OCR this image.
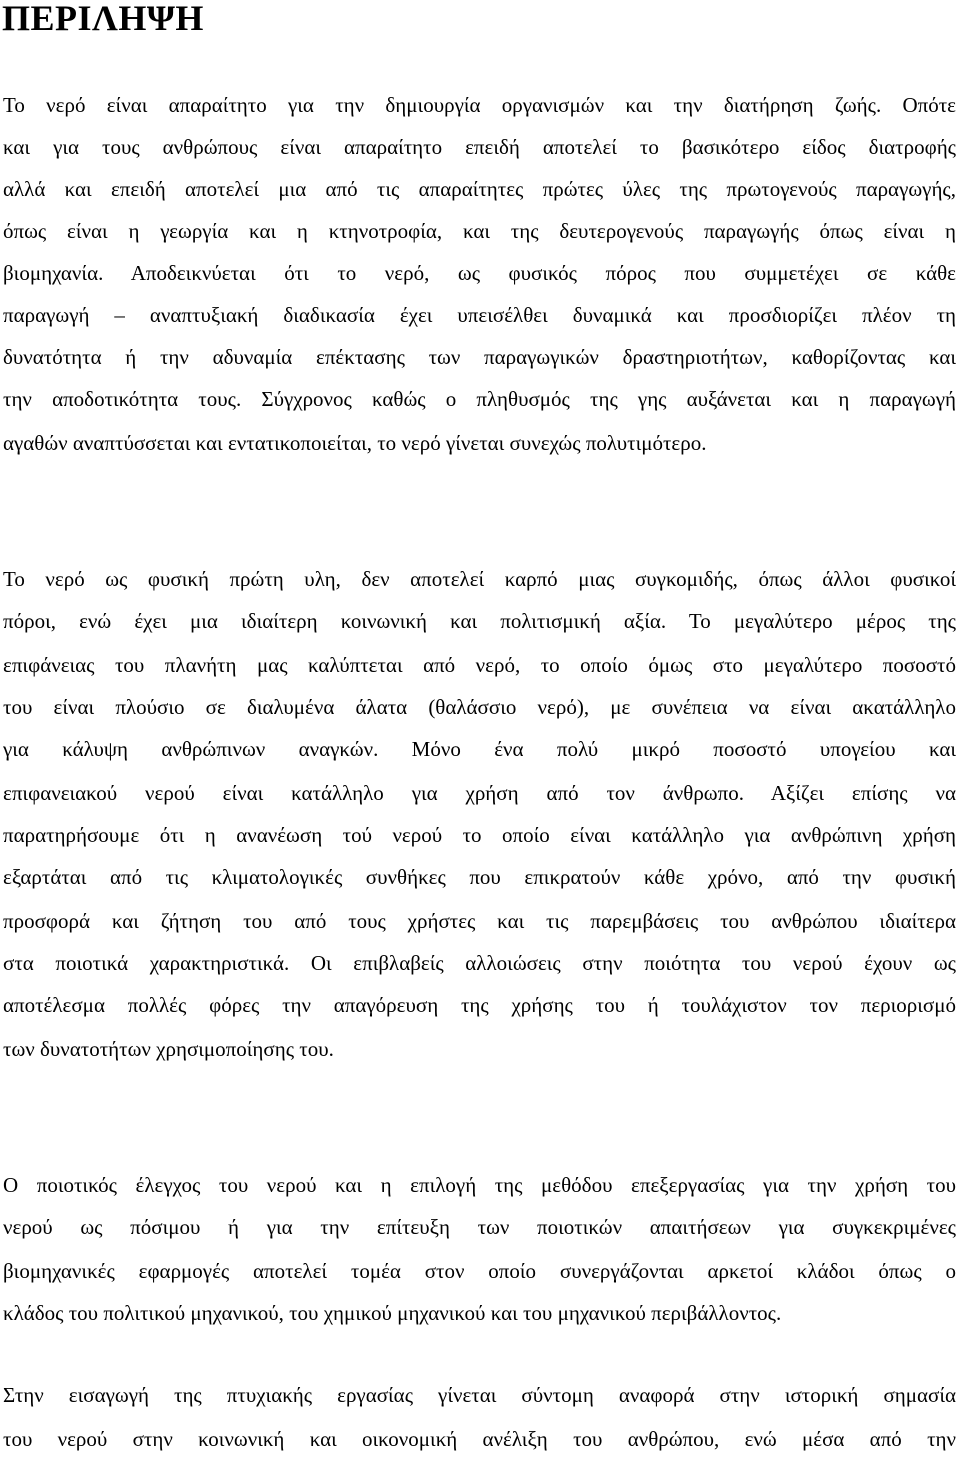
ΠΕΡΙΛΗΨΗ
Το νερό είναι απαραίτητο για την δημιουργία οργανισμών και την διατήρηση ζωής. Οπότε
και για τους ανθρώπους είναι απαραίτητο επειδή αποτελεί το βασικότερο είδος διατροφής
αλλά και επειδή αποτελεί μια από τις απαραίτητες πρώτες ύλες της πρωτογενούς παραγωγής,
όπως είναι η γεωργία και η κτηνοτροφία, και της δευτερογενούς παραγωγής όπως είναι η
βιομηχανία. Αποδεικνύεται ότι το νερό, ως φυσικός πόρος που συμμετέχει σε κάθε
παραγωγή – αναπτυξιακή διαδικασία έχει υπεισέλθει δυναμικά και προσδιορίζει πλέον τη
δυνατότητα ή την αδυναμία επέκτασης των παραγωγικών δραστηριοτήτων, καθορίζοντας και
την αποδοτικότητα τους. Σύγχρονος καθώς ο πληθυσμός της γης αυξάνεται και η παραγωγή
αγαθών αναπτύσσεται και εντατικοποιείται, το νερό γίνεται συνεχώς πολυτιμότερο.
Το νερό ως φυσική πρώτη υλη, δεν αποτελεί καρπό μιας συγκομιδής, όπως άλλοι φυσικοί
πόροι, ενώ έχει μια ιδιαίτερη κοινωνική και πολιτισμική αξία. Το μεγαλύτερο μέρος της
επιφάνειας του πλανήτη μας καλύπτεται από νερό, το οποίο όμως στο μεγαλύτερο ποσοστό
του είναι πλούσιο σε διαλυμένα άλατα (θαλάσσιο νερό), με συνέπεια να είναι ακατάλληλο
για κάλυψη ανθρώπινων αναγκών. Μόνο ένα πολύ μικρό ποσοστό υπογείου και
επιφανειακού νερού είναι κατάλληλο για χρήση από τον άνθρωπο. Αξίζει επίσης να
παρατηρήσουμε ότι η ανανέωση τού νερού το οποίο είναι κατάλληλο για ανθρώπινη χρήση
εξαρτάται από τις κλιματολογικές συνθήκες που επικρατούν κάθε χρόνο, από την φυσική
προσφορά και ζήτηση του από τους χρήστες και τις παρεμβάσεις του ανθρώπου ιδιαίτερα
στα ποιοτικά χαρακτηριστικά. Οι επιβλαβείς αλλοιώσεις στην ποιότητα του νερού έχουν ως
αποτέλεσμα πολλές φόρες την απαγόρευση της χρήσης του ή τουλάχιστον τον περιορισμό
των δυνατοτήτων χρησιμοποίησης του.
Ο ποιοτικός έλεγχος του νερού και η επιλογή της μεθόδου επεξεργασίας για την χρήση του
νερού ως πόσιμου ή για την επίτευξη των ποιοτικών απαιτήσεων για συγκεκριμένες
βιομηχανικές εφαρμογές αποτελεί τομέα στον οποίο συνεργάζονται αρκετοί κλάδοι όπως ο
κλάδος του πολιτικού μηχανικού, του χημικού μηχανικού και του μηχανικού περιβάλλοντος.
Στην εισαγωγή της πτυχιακής εργασίας γίνεται σύντομη αναφορά στην ιστορική σημασία
του νερού στην κοινωνική και οικονομική ανέλιξη του ανθρώπου, ενώ μέσα από την
